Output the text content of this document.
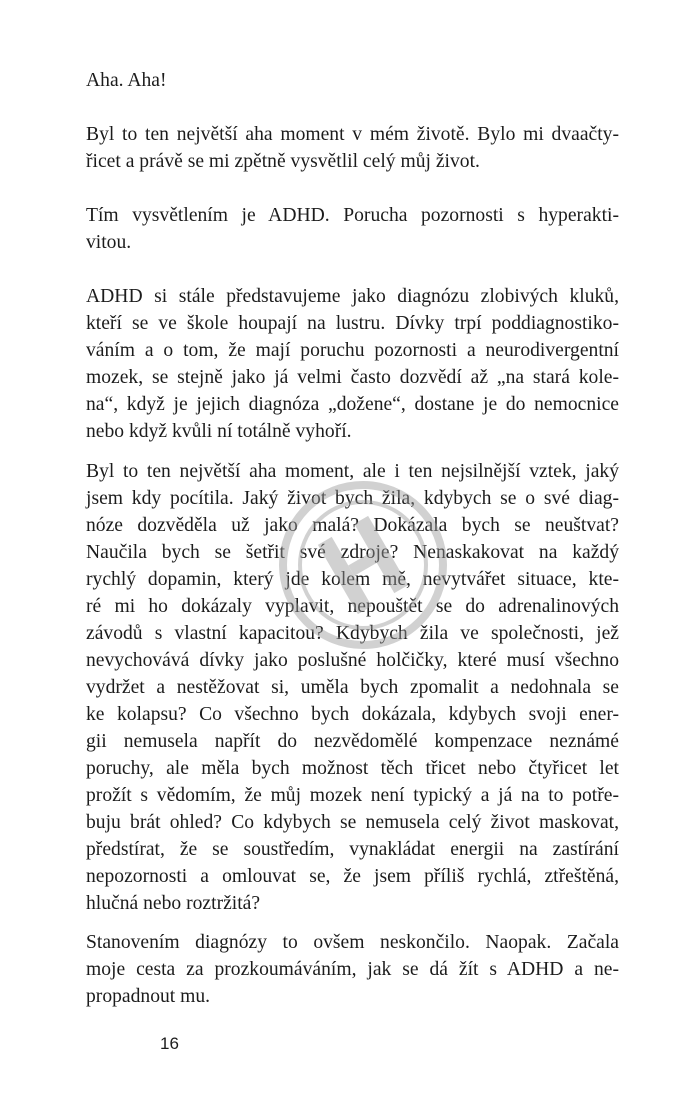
Aha. Aha!
Byl to ten největší aha moment v mém životě. Bylo mi dvaačty-
řicet a právě se mi zpětně vysvětlil celý můj život.
Tím vysvětlením je ADHD. Porucha pozornosti s hyperakti-
vitou.
ADHD si stále představujeme jako diagnózu zlobivých kluků,
kteří se ve škole houpají na lustru. Dívky trpí poddiagnostiko-
váním a o tom, že mají poruchu pozornosti a neurodivergentní
mozek, se stejně jako já velmi často dozvědí až „na stará kole-
na“, když je jejich diagnóza „dožene“, dostane je do nemocnice
nebo když kvůli ní totálně vyhoří.
Byl to ten největší aha moment, ale i ten nejsilnější vztek, jaký
jsem kdy pocítila. Jaký život bych žila, kdybych se o své diag-
nóze dozvěděla už jako malá? Dokázala bych se neuštvat?
Naučila bych se šetřit své zdroje? Nenaskakovat na každý
rychlý dopamin, který jde kolem mě, nevytvářet situace, kte-
ré mi ho dokázaly vyplavit, nepouštět se do adrenalinových
závodů s vlastní kapacitou? Kdybych žila ve společnosti, jež
nevychovává dívky jako poslušné holčičky, které musí všechno
vydržet a nestěžovat si, uměla bych zpomalit a nedohnala se
ke kolapsu? Co všechno bych dokázala, kdybych svoji ener-
gii nemusela napřít do nezvědomělé kompenzace neznámé
poruchy, ale měla bych možnost těch třicet nebo čtyřicet let
prožít s vědomím, že můj mozek není typický a já na to potře-
buju brát ohled? Co kdybych se nemusela celý život maskovat,
předstírat, že se soustředím, vynakládat energii na zastírání
nepozornosti a omlouvat se, že jsem příliš rychlá, ztřeštěná,
hlučná nebo roztržitá?
Stanovením diagnózy to ovšem neskončilo. Naopak. Začala
moje cesta za prozkoumáváním, jak se dá žít s ADHD a ne-
propadnout mu.
16
